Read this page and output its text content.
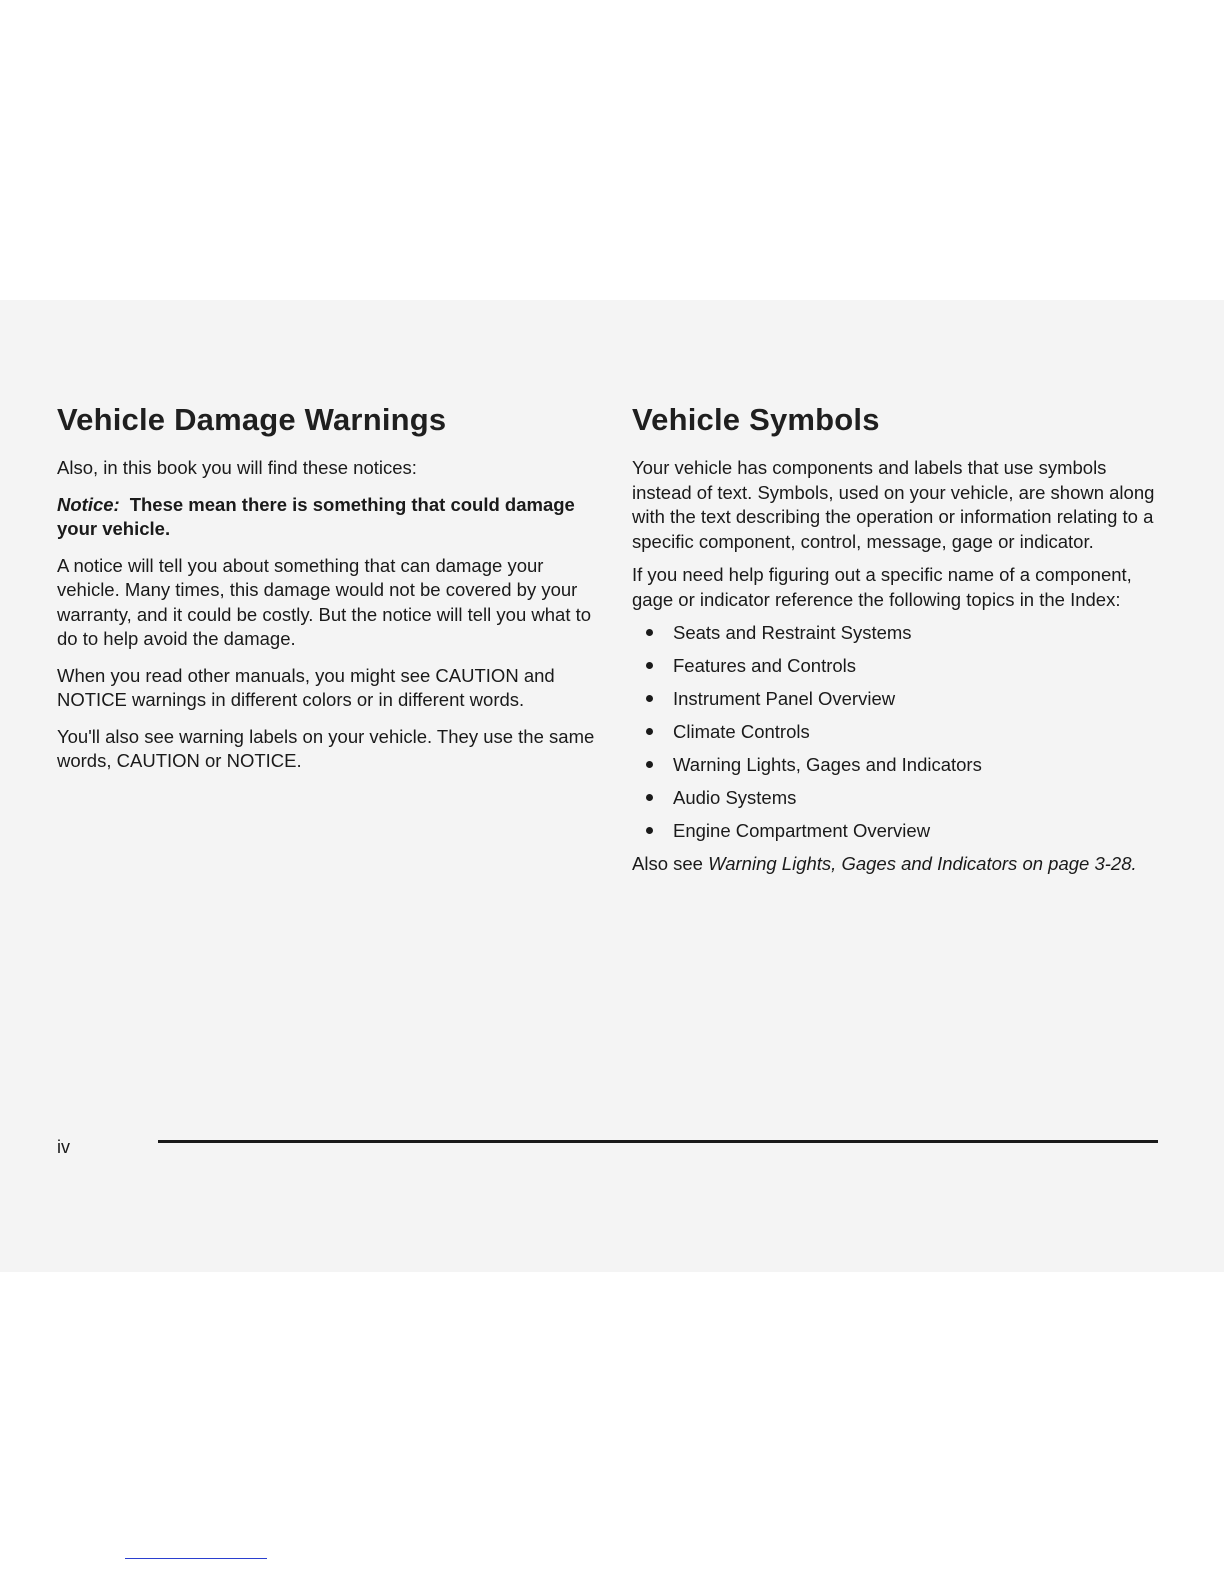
Vehicle Damage Warnings

Also, in this book you will find these notices:

Notice: These mean there is something that could damage your vehicle.

A notice will tell you about something that can damage your vehicle. Many times, this damage would not be covered by your warranty, and it could be costly. But the notice will tell you what to do to help avoid the damage.

When you read other manuals, you might see CAUTION and NOTICE warnings in different colors or in different words.

You'll also see warning labels on your vehicle. They use the same words, CAUTION or NOTICE.

Vehicle Symbols

Your vehicle has components and labels that use symbols instead of text. Symbols, used on your vehicle, are shown along with the text describing the operation or information relating to a specific component, control, message, gage or indicator.

If you need help figuring out a specific name of a component, gage or indicator reference the following topics in the Index:

Seats and Restraint Systems
Features and Controls
Instrument Panel Overview
Climate Controls
Warning Lights, Gages and Indicators
Audio Systems
Engine Compartment Overview

Also see Warning Lights, Gages and Indicators on page 3-28.

iv
